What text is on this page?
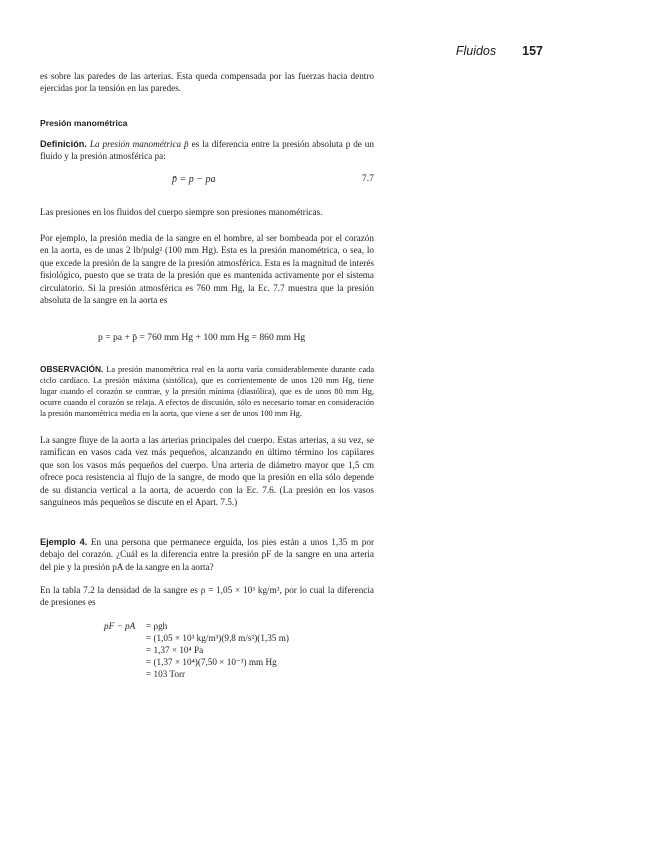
Fluidos 157

es sobre las paredes de las arterias. Esta queda compensada por las fuerzas hacia dentro ejercidas por la tensión en las paredes.

Presión manométrica

Definición. La presión manométrica p̄ es la diferencia entre la presión absoluta p de un fluido y la presión atmosférica pa:

p̄ = p − pa	7.7

Las presiones en los fluidos del cuerpo siempre son presiones manométricas.

Por ejemplo, la presión media de la sangre en el hombre, al ser bombeada por el corazón en la aorta, es de unas 2 lb/pulg² (100 mm Hg). Esta es la presión manométrica, o sea, lo que excede la presión de la sangre de la presión atmosférica. Esta es la magnitud de interés fisiológico, puesto que se trata de la presión que es mantenida activamente por el sistema circulatorio. Si la presión atmosférica es 760 mm Hg, la Ec. 7.7 muestra que la presión absoluta de la sangre en la aorta es

p = pa + p̄ = 760 mm Hg + 100 mm Hg = 860 mm Hg

OBSERVACIÓN. La presión manométrica real en la aorta varía considerablemente durante cada ciclo cardíaco. La presión máxima (sistólica), que es corrientemente de unos 120 mm Hg, tiene lugar cuando el corazón se contrae, y la presión mínima (diastólica), que es de unos 80 mm Hg, ocurre cuando el corazón se relaja. A efectos de discusión, sólo es necesario tomar en consideración la presión manométrica media en la aorta, que viene a ser de unos 100 mm Hg.

La sangre fluye de la aorta a las arterias principales del cuerpo. Estas arterias, a su vez, se ramifican en vasos cada vez más pequeños, alcanzando en último término los capilares que son los vasos más pequeños del cuerpo. Una arteria de diámetro mayor que 1,5 cm ofrece poca resistencia al flujo de la sangre, de modo que la presión en ella sólo depende de su distancia vertical a la aorta, de acuerdo con la Ec. 7.6. (La presión en los vasos sanguíneos más pequeños se discute en el Apart. 7.5.)

Ejemplo 4. En una persona que permanece erguida, los pies están a unos 1,35 m por debajo del corazón. ¿Cuál es la diferencia entre la presión pF de la sangre en una arteria del pie y la presión pA de la sangre en la aorta?

En la tabla 7.2 la densidad de la sangre es ρ = 1,05 × 10³ kg/m³, por lo cual la diferencia de presiones es

pF − pA = ρgh
= (1,05 × 10³ kg/m³)(9,8 m/s²)(1,35 m)
= 1,37 × 10⁴ Pa
= (1,37 × 10⁴)(7,50 × 10⁻³) mm Hg
= 103 Torr
